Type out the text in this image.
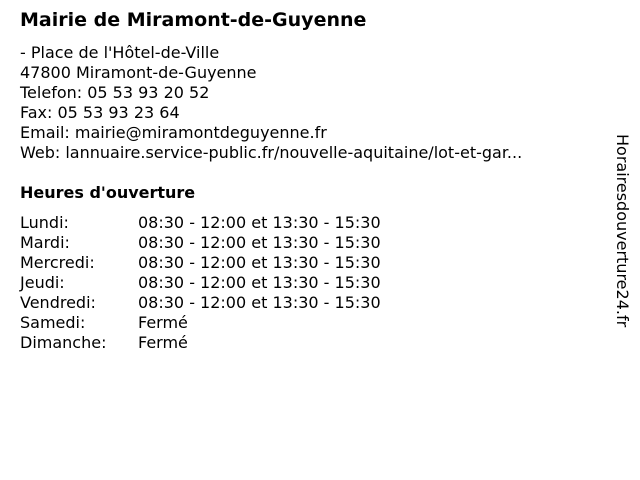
Mairie de Miramont-de-Guyenne
- Place de l'Hôtel-de-Ville
47800 Miramont-de-Guyenne
Telefon: 05 53 93 20 52
Fax: 05 53 93 23 64
Email: mairie@miramontdeguyenne.fr
Web: lannuaire.service-public.fr/nouvelle-aquitaine/lot-et-gar...
Heures d'ouverture
Lundi:	08:30 - 12:00 et 13:30 - 15:30
Mardi:	08:30 - 12:00 et 13:30 - 15:30
Mercredi:	08:30 - 12:00 et 13:30 - 15:30
Jeudi:	08:30 - 12:00 et 13:30 - 15:30
Vendredi:	08:30 - 12:00 et 13:30 - 15:30
Samedi:	Fermé
Dimanche: Fermé
Horairesdouverture24.fr
